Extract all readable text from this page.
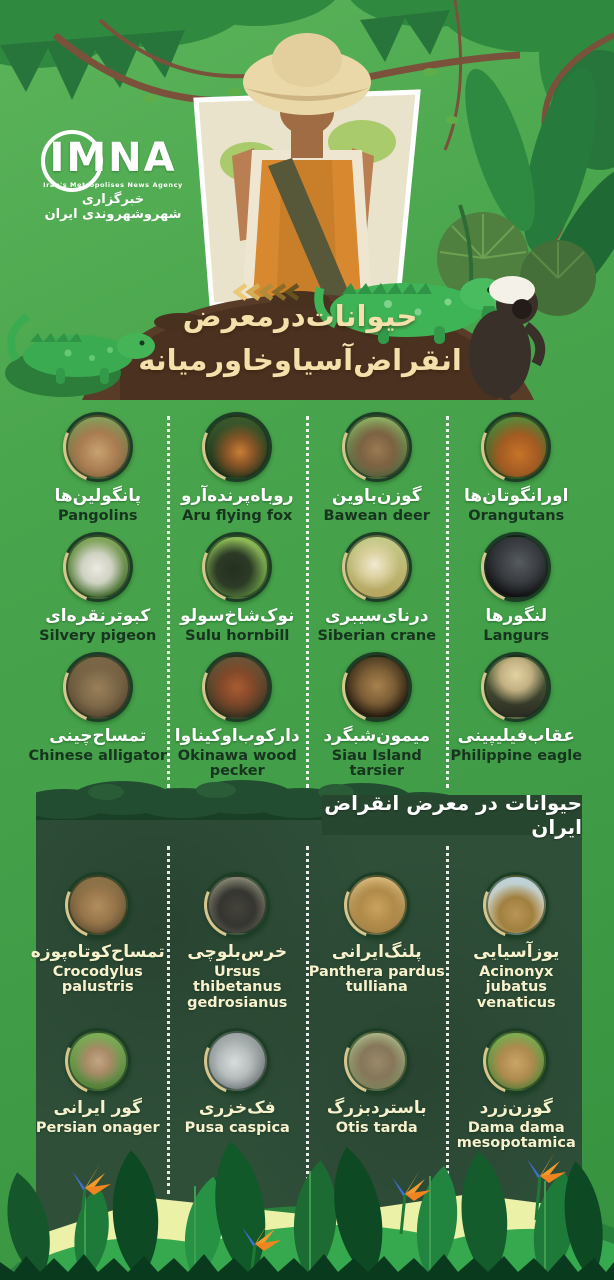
IMNA
Iran's Metropolises News Agency
خبرگزاری شهروشهروندی ایران
حیوانات‌درمعرض
انقراض‌آسیاوخاورمیانه
پانگولین‌ها
Pangolins
روباه‌پرنده‌آرو
Aru flying fox
گوزن‌باوین
Bawean deer
اورانگوتان‌ها
Orangutans
کبوترنقره‌ای
Silvery pigeon
نوک‌شاخ‌سولو
Sulu hornbill
درنای‌سیبری
Siberian crane
لنگورها
Langurs
تمساح‌چینی
Chinese alligator
دارکوب‌اوکیناوا
Okinawa wood pecker
میمون‌شبگرد
Siau Island tarsier
عقاب‌فیلیپینی
Philippine eagle
حیوانات در معرض انقراض ایران
تمساح‌کوتاه‌پوزه
Crocodylus palustris
خرس‌بلوچی
Ursus thibetanus gedrosianus
پلنگ‌ایرانی
Panthera pardus tulliana
یوزآسیایی
Acinonyx jubatus venaticus
گور ایرانی
Persian onager
فک‌خزری
Pusa caspica
باستردبزرگ
Otis tarda
گوزن‌زرد
Dama dama mesopotamica
